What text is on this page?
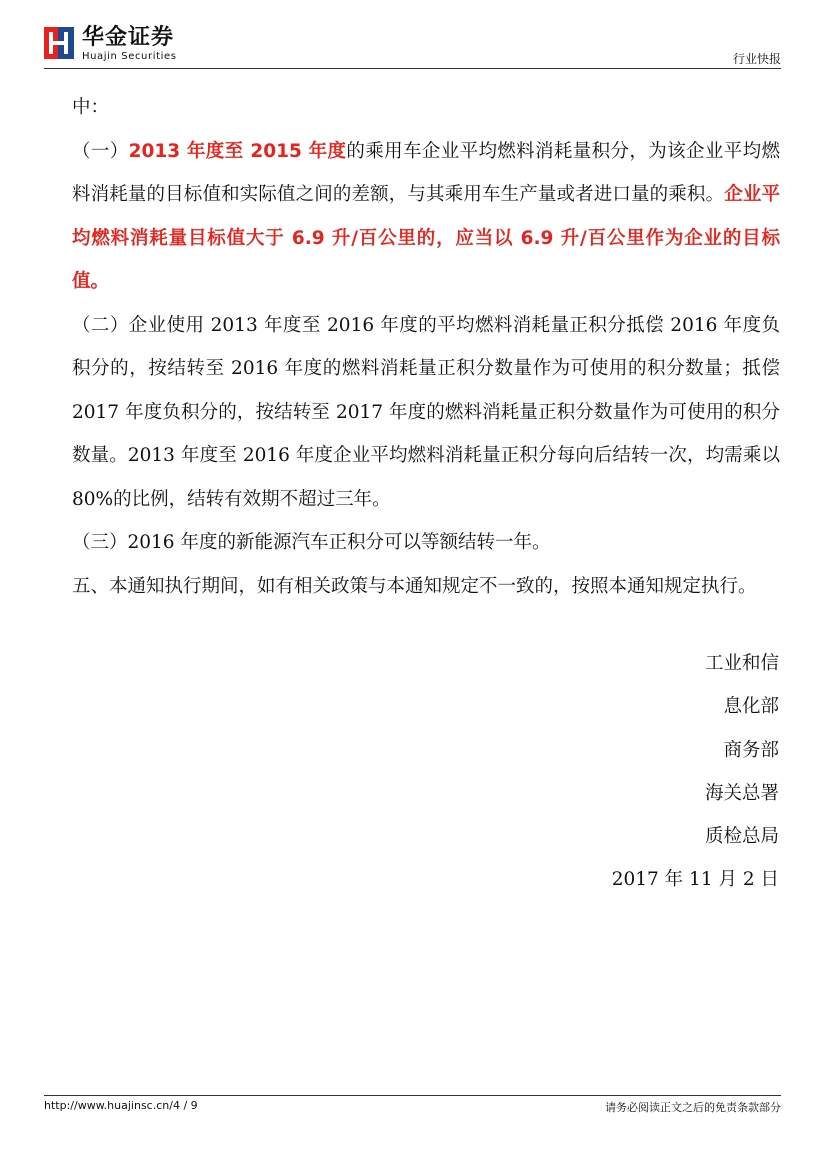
华金证券
Huajin Securities	行业快报

中：

（一）2013 年度至 2015 年度的乘用车企业平均燃料消耗量积分，为该企业平均燃料消耗量的目标值和实际值之间的差额，与其乘用车生产量或者进口量的乘积。企业平均燃料消耗量目标值大于 6.9 升/百公里的，应当以 6.9 升/百公里作为企业的目标值。

（二）企业使用 2013 年度至 2016 年度的平均燃料消耗量正积分抵偿 2016 年度负积分的，按结转至 2016 年度的燃料消耗量正积分数量作为可使用的积分数量；抵偿 2017 年度负积分的，按结转至 2017 年度的燃料消耗量正积分数量作为可使用的积分数量。2013 年度至 2016 年度企业平均燃料消耗量正积分每向后结转一次，均需乘以 80%的比例，结转有效期不超过三年。

（三）2016 年度的新能源汽车正积分可以等额结转一年。

五、本通知执行期间，如有相关政策与本通知规定不一致的，按照本通知规定执行。

工业和信
息化部
商务部
海关总署
质检总局
2017 年 11 月 2 日
http://www.huajinsc.cn/4 / 9	请务必阅读正文之后的免责条款部分
